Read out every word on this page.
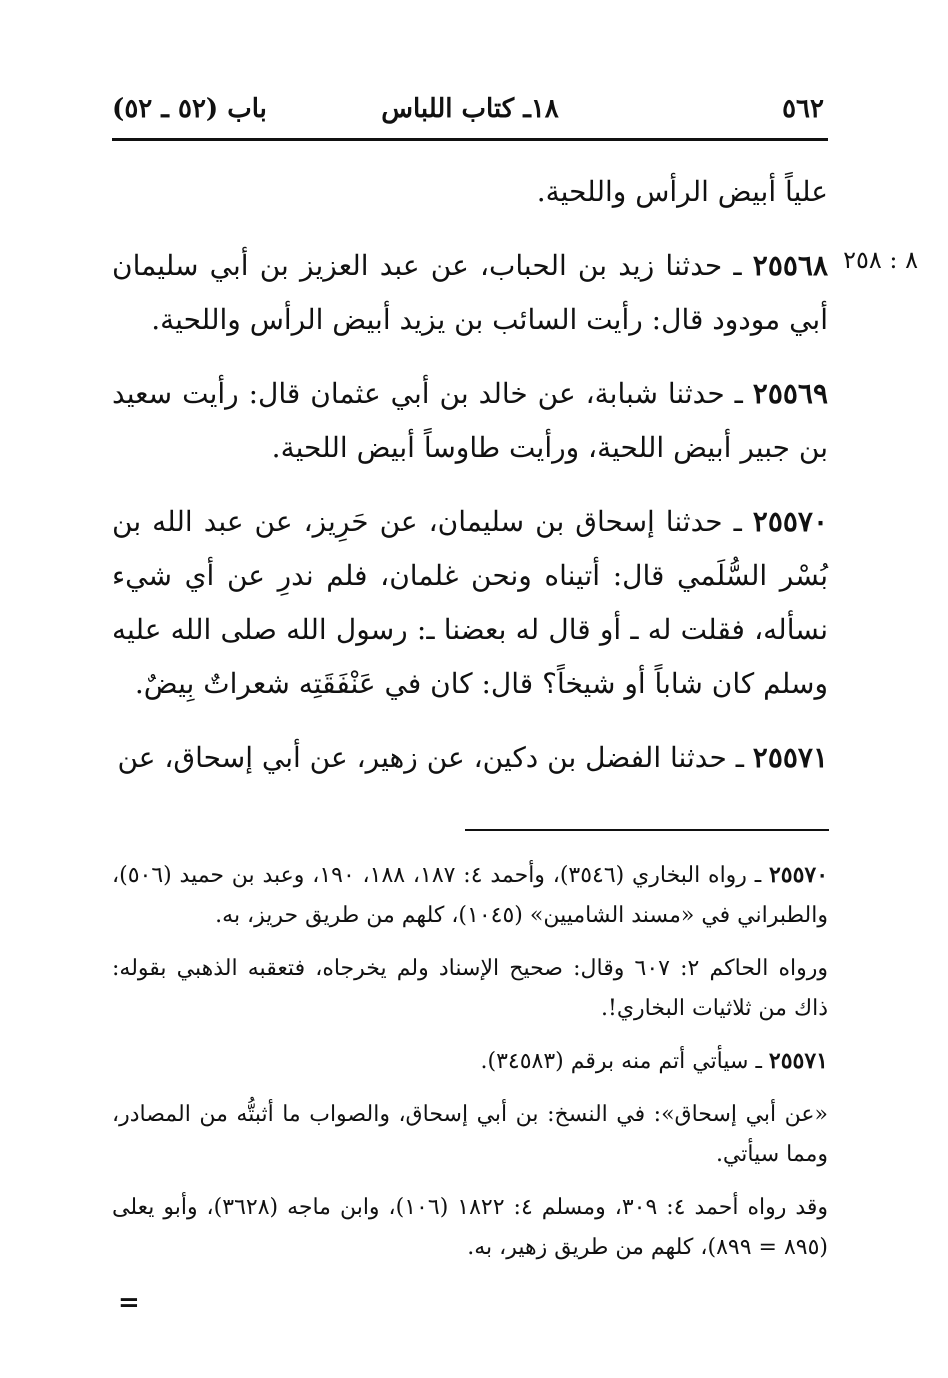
٥٦٢
١٨ـ كتاب اللباس
باب (٥٢ ـ ٥٢)
٨ : ٢٥٨

علياً أبيض الرأس واللحية.

٢٥٥٦٨ ـ حدثنا زيد بن الحباب، عن عبد العزيز بن أبي سليمان أبي مودود قال: رأيت السائب بن يزيد أبيض الرأس واللحية.

٢٥٥٦٩ ـ حدثنا شبابة، عن خالد بن أبي عثمان قال: رأيت سعيد بن جبير أبيض اللحية، ورأيت طاوساً أبيض اللحية.

٢٥٥٧٠ ـ حدثنا إسحاق بن سليمان، عن حَرِيز، عن عبد الله بن بُسْر السُّلَمي قال: أتيناه ونحن غلمان، فلم ندرِ عن أي شيء نسأله، فقلت له ـ أو قال له بعضنا ـ: رسول الله صلى الله عليه وسلم كان شاباً أو شيخاً؟ قال: كان في عَنْفَقَتِه شعراتٌ بِيضٌ.

٢٥٥٧١ ـ حدثنا الفضل بن دكين، عن زهير، عن أبي إسحاق، عن

٢٥٥٧٠ ـ رواه البخاري (٣٥٤٦)، وأحمد ٤: ١٨٧، ١٨٨، ١٩٠، وعبد بن حميد (٥٠٦)، والطبراني في «مسند الشاميين» (١٠٤٥)، كلهم من طريق حريز، به.

ورواه الحاكم ٢: ٦٠٧ وقال: صحيح الإسناد ولم يخرجاه، فتعقبه الذهبي بقوله: ذاك من ثلاثيات البخاري!.

٢٥٥٧١ ـ سيأتي أتم منه برقم (٣٤٥٨٣).

«عن أبي إسحاق»: في النسخ: بن أبي إسحاق، والصواب ما أثبتُّه من المصادر، ومما سيأتي.

وقد رواه أحمد ٤: ٣٠٩، ومسلم ٤: ١٨٢٢ (١٠٦)، وابن ماجه (٣٦٢٨)، وأبو يعلى (٨٩٥ = ٨٩٩)، كلهم من طريق زهير، به.

=
